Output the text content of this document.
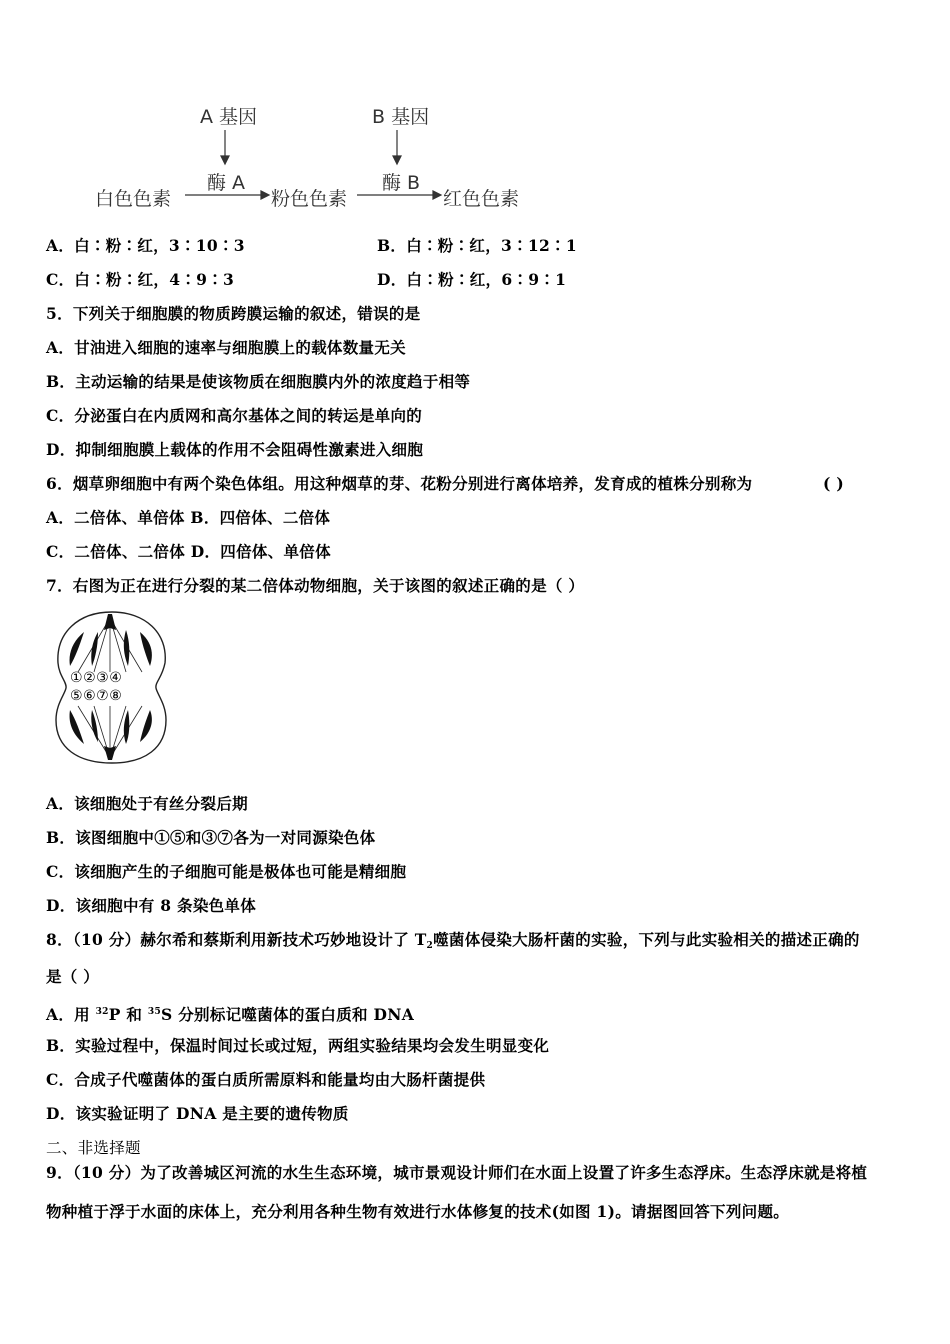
A 基因	B 基因
酶 A	酶 B
白色色素	粉色色素	红色色素
A．白∶粉∶红，3∶10∶3	B．白∶粉∶红，3∶12∶1
C．白∶粉∶红，4∶9∶3	D．白∶粉∶红，6∶9∶1
5．下列关于细胞膜的物质跨膜运输的叙述，错误的是
A．甘油进入细胞的速率与细胞膜上的载体数量无关
B．主动运输的结果是使该物质在细胞膜内外的浓度趋于相等
C．分泌蛋白在内质网和高尔基体之间的转运是单向的
D．抑制细胞膜上载体的作用不会阻碍性激素进入细胞
6．烟草卵细胞中有两个染色体组。用这种烟草的芽、花粉分别进行离体培养，发育成的植株分别称为	( )
A．二倍体、单倍体 B．四倍体、二倍体
C．二倍体、二倍体 D．四倍体、单倍体
7．右图为正在进行分裂的某二倍体动物细胞，关于该图的叙述正确的是（ ）
①②③④
⑤⑥⑦⑧
A．该细胞处于有丝分裂后期
B．该图细胞中①⑤和③⑦各为一对同源染色体
C．该细胞产生的子细胞可能是极体也可能是精细胞
D．该细胞中有 8 条染色单体
8．（10 分）赫尔希和蔡斯利用新技术巧妙地设计了 $T_2$噬菌体侵染大肠杆菌的实验，下列与此实验相关的描述正确的
是（ ）
A．用 $^{32}$P 和 $^{35}$S 分别标记噬菌体的蛋白质和 DNA
B．实验过程中，保温时间过长或过短，两组实验结果均会发生明显变化
C．合成子代噬菌体的蛋白质所需原料和能量均由大肠杆菌提供
D．该实验证明了 DNA 是主要的遗传物质
二、非选择题
9．（10 分）为了改善城区河流的水生生态环境，城市景观设计师们在水面上设置了许多生态浮床。生态浮床就是将植
物种植于浮于水面的床体上，充分利用各种生物有效进行水体修复的技术(如图 1)。请据图回答下列问题。
